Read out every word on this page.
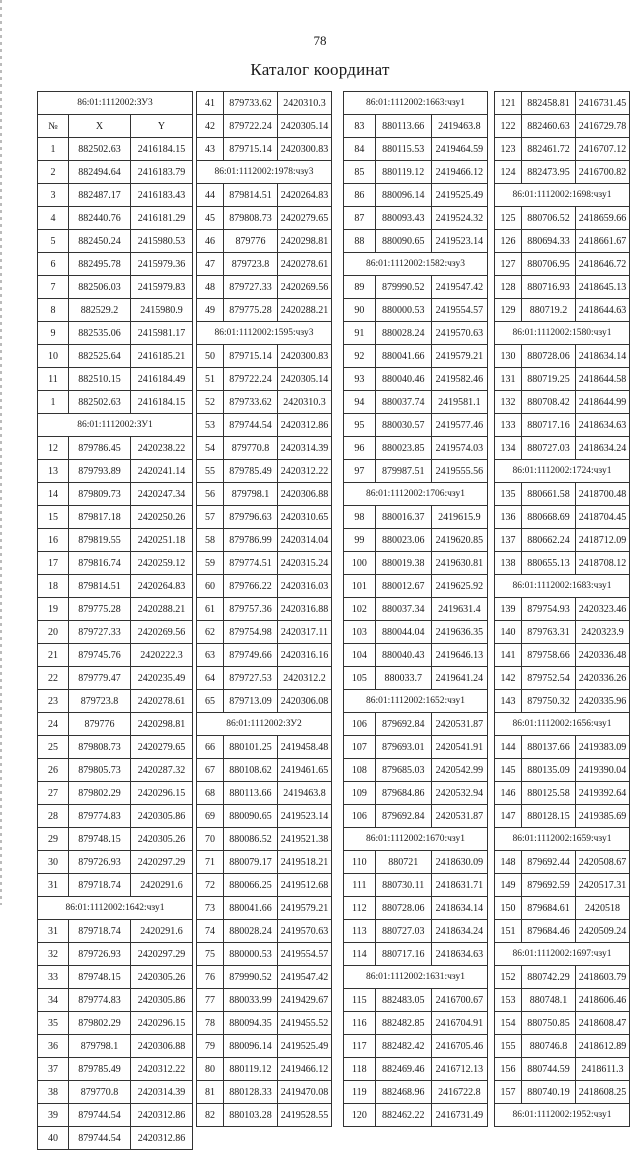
78
Каталог координат
86:01:1112002:ЗУ3		
№	X	Y
1	882502.63	2416184.15
2	882494.64	2416183.79
3	882487.17	2416183.43
4	882440.76	2416181.29
5	882450.24	2415980.53
6	882495.78	2415979.36
7	882506.03	2415979.83
8	882529.2	2415980.9
9	882535.06	2415981.17
10	882525.64	2416185.21
11	882510.15	2416184.49
1	882502.63	2416184.15
86:01:1112002:ЗУ1		
12	879786.45	2420238.22
13	879793.89	2420241.14
14	879809.73	2420247.34
15	879817.18	2420250.26
16	879819.55	2420251.18
17	879816.74	2420259.12
18	879814.51	2420264.83
19	879775.28	2420288.21
20	879727.33	2420269.56
21	879745.76	2420222.3
22	879779.47	2420235.49
23	879723.8	2420278.61
24	879776	2420298.81
25	879808.73	2420279.65
26	879805.73	2420287.32
27	879802.29	2420296.15
28	879774.83	2420305.86
29	879748.15	2420305.26
30	879726.93	2420297.29
31	879718.74	2420291.6
86:01:1112002:1642:чзу1		
31	879718.74	2420291.6
32	879726.93	2420297.29
33	879748.15	2420305.26
34	879774.83	2420305.86
35	879802.29	2420296.15
36	879798.1	2420306.88
37	879785.49	2420312.22
38	879770.8	2420314.39
39	879744.54	2420312.86
40	879744.54	2420312.86
41	879733.62	2420310.3
42	879722.24	2420305.14
43	879715.14	2420300.83
86:01:1112002:1978:чзу3		
44	879814.51	2420264.83
45	879808.73	2420279.65
46	879776	2420298.81
47	879723.8	2420278.61
48	879727.33	2420269.56
49	879775.28	2420288.21
86:01:1112002:1595:чзу3		
50	879715.14	2420300.83
51	879722.24	2420305.14
52	879733.62	2420310.3
53	879744.54	2420312.86
54	879770.8	2420314.39
55	879785.49	2420312.22
56	879798.1	2420306.88
57	879796.63	2420310.65
58	879786.99	2420314.04
59	879774.51	2420315.24
60	879766.22	2420316.03
61	879757.36	2420316.88
62	879754.98	2420317.11
63	879749.66	2420316.16
64	879727.53	2420312.2
65	879713.09	2420306.08
86:01:1112002:ЗУ2		
66	880101.25	2419458.48
67	880108.62	2419461.65
68	880113.66	2419463.8
69	880090.65	2419523.14
70	880086.52	2419521.38
71	880079.17	2419518.21
72	880066.25	2419512.68
73	880041.66	2419579.21
74	880028.24	2419570.63
75	880000.53	2419554.57
76	879990.52	2419547.42
77	880033.99	2419429.67
78	880094.35	2419455.52
79	880096.14	2419525.49
80	880119.12	2419466.12
81	880128.33	2419470.08
82	880103.28	2419528.55
86:01:1112002:1663:чзу1		
83	880113.66	2419463.8
84	880115.53	2419464.59
85	880119.12	2419466.12
86	880096.14	2419525.49
87	880093.43	2419524.32
88	880090.65	2419523.14
86:01:1112002:1582:чзу3		
89	879990.52	2419547.42
90	880000.53	2419554.57
91	880028.24	2419570.63
92	880041.66	2419579.21
93	880040.46	2419582.46
94	880037.74	2419581.1
95	880030.57	2419577.46
96	880023.85	2419574.03
97	879987.51	2419555.56
86:01:1112002:1706:чзу1		
98	880016.37	2419615.9
99	880023.06	2419620.85
100	880019.38	2419630.81
101	880012.67	2419625.92
102	880037.34	2419631.4
103	880044.04	2419636.35
104	880040.43	2419646.13
105	880033.7	2419641.24
86:01:1112002:1652:чзу1		
106	879692.84	2420531.87
107	879693.01	2420541.91
108	879685.03	2420542.99
109	879684.86	2420532.94
106	879692.84	2420531.87
86:01:1112002:1670:чзу1		
110	880721	2418630.09
111	880730.11	2418631.71
112	880728.06	2418634.14
113	880727.03	2418634.24
114	880717.16	2418634.63
86:01:1112002:1631:чзу1		
115	882483.05	2416700.67
116	882482.85	2416704.91
117	882482.42	2416705.46
118	882469.46	2416712.13
119	882468.96	2416722.8
120	882462.22	2416731.49
121	882458.81	2416731.45
122	882460.63	2416729.78
123	882461.72	2416707.12
124	882473.95	2416700.82
86:01:1112002:1698:чзу1		
125	880706.52	2418659.66
126	880694.33	2418661.67
127	880706.95	2418646.72
128	880716.93	2418645.13
129	880719.2	2418644.63
86:01:1112002:1580:чзу1		
130	880728.06	2418634.14
131	880719.25	2418644.58
132	880708.42	2418644.99
133	880717.16	2418634.63
134	880727.03	2418634.24
86:01:1112002:1724:чзу1		
135	880661.58	2418700.48
136	880668.69	2418704.45
137	880662.24	2418712.09
138	880655.13	2418708.12
86:01:1112002:1683:чзу1		
139	879754.93	2420323.46
140	879763.31	2420323.9
141	879758.66	2420336.48
142	879752.54	2420336.26
143	879750.32	2420335.96
86:01:1112002:1656:чзу1		
144	880137.66	2419383.09
145	880135.09	2419390.04
146	880125.58	2419392.64
147	880128.15	2419385.69
86:01:1112002:1659:чзу1		
148	879692.44	2420508.67
149	879692.59	2420517.31
150	879684.61	2420518
151	879684.46	2420509.24
86:01:1112002:1697:чзу1		
152	880742.29	2418603.79
153	880748.1	2418606.46
154	880750.85	2418608.47
155	880746.8	2418612.89
156	880744.59	2418611.3
157	880740.19	2418608.25
86:01:1112002:1952:чзу1		
